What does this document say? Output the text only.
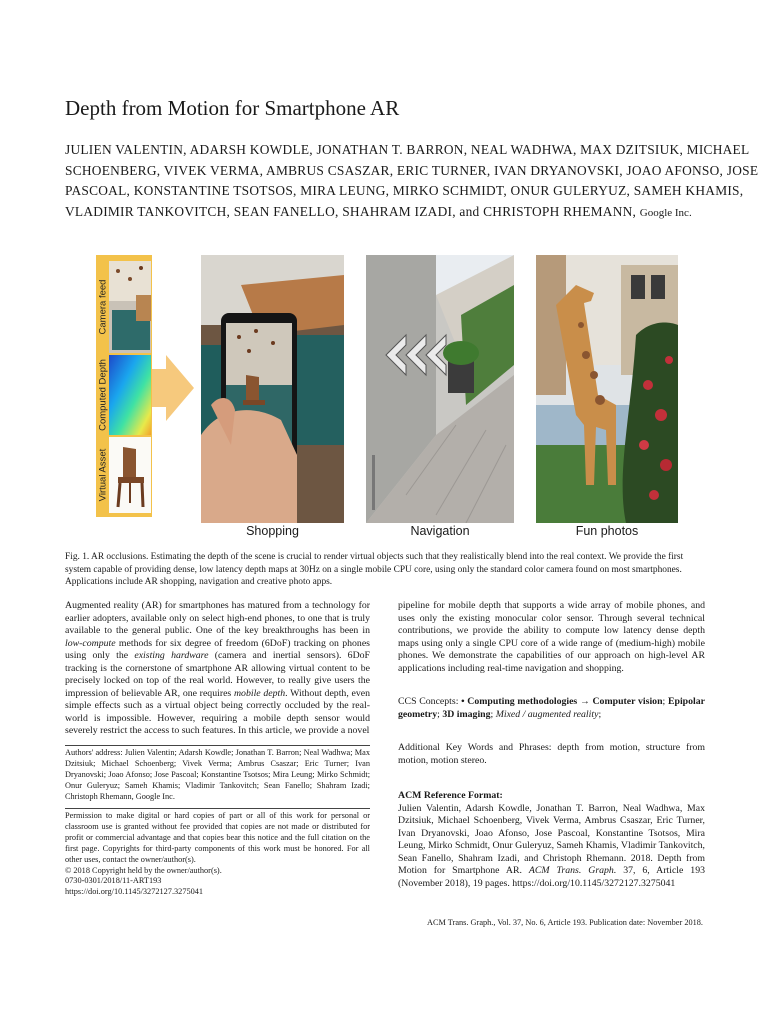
Depth from Motion for Smartphone AR
JULIEN VALENTIN, ADARSH KOWDLE, JONATHAN T. BARRON, NEAL WADHWA, MAX DZITSIUK, MICHAEL SCHOENBERG, VIVEK VERMA, AMBRUS CSASZAR, ERIC TURNER, IVAN DRYANOVSKI, JOAO AFONSO, JOSE PASCOAL, KONSTANTINE TSOTSOS, MIRA LEUNG, MIRKO SCHMIDT, ONUR GULERYUZ, SAMEH KHAMIS, VLADIMIR TANKOVITCH, SEAN FANELLO, SHAHRAM IZADI, and CHRISTOPH RHEMANN, Google Inc.
Virtual Asset
Computed Depth
Camera feed
Shopping	Navigation	Fun photos
Fig. 1. AR occlusions. Estimating the depth of the scene is crucial to render virtual objects such that they realistically blend into the real context. We provide the first system capable of providing dense, low latency depth maps at 30Hz on a single mobile CPU core, using only the standard color camera found on most smartphones. Applications include AR shopping, navigation and creative photo apps.
Augmented reality (AR) for smartphones has matured from a technology for earlier adopters, available only on select high-end phones, to one that is truly available to the general public. One of the key breakthroughs has been in low-compute methods for six degree of freedom (6DoF) tracking on phones using only the existing hardware (camera and inertial sensors). 6DoF tracking is the cornerstone of smartphone AR allowing virtual content to be precisely locked on top of the real world. However, to really give users the impression of believable AR, one requires mobile depth. Without depth, even simple effects such as a virtual object being correctly occluded by the real-world is impossible. However, requiring a mobile depth sensor would severely restrict the access to such features. In this article, we provide a novel
Authors' address: Julien Valentin; Adarsh Kowdle; Jonathan T. Barron; Neal Wadhwa; Max Dzitsiuk; Michael Schoenberg; Vivek Verma; Ambrus Csaszar; Eric Turner; Ivan Dryanovski; Joao Afonso; Jose Pascoal; Konstantine Tsotsos; Mira Leung; Mirko Schmidt; Onur Guleryuz; Sameh Khamis; Vladimir Tankovitch; Sean Fanello; Shahram Izadi; Christoph Rhemann, Google Inc.
Permission to make digital or hard copies of part or all of this work for personal or classroom use is granted without fee provided that copies are not made or distributed for profit or commercial advantage and that copies bear this notice and the full citation on the first page. Copyrights for third-party components of this work must be honored. For all other uses, contact the owner/author(s).
© 2018 Copyright held by the owner/author(s).
0730-0301/2018/11-ART193
https://doi.org/10.1145/3272127.3275041
pipeline for mobile depth that supports a wide array of mobile phones, and uses only the existing monocular color sensor. Through several technical contributions, we provide the ability to compute low latency dense depth maps using only a single CPU core of a wide range of (medium-high) mobile phones. We demonstrate the capabilities of our approach on high-level AR applications including real-time navigation and shopping.
CCS Concepts: • Computing methodologies → Computer vision; Epipolar geometry; 3D imaging; Mixed / augmented reality;
Additional Key Words and Phrases: depth from motion, structure from motion, motion stereo.
ACM Reference Format:
Julien Valentin, Adarsh Kowdle, Jonathan T. Barron, Neal Wadhwa, Max Dzitsiuk, Michael Schoenberg, Vivek Verma, Ambrus Csaszar, Eric Turner, Ivan Dryanovski, Joao Afonso, Jose Pascoal, Konstantine Tsotsos, Mira Leung, Mirko Schmidt, Onur Guleryuz, Sameh Khamis, Vladimir Tankovitch, Sean Fanello, Shahram Izadi, and Christoph Rhemann. 2018. Depth from Motion for Smartphone AR. ACM Trans. Graph. 37, 6, Article 193 (November 2018), 19 pages. https://doi.org/10.1145/3272127.3275041
ACM Trans. Graph., Vol. 37, No. 6, Article 193. Publication date: November 2018.
